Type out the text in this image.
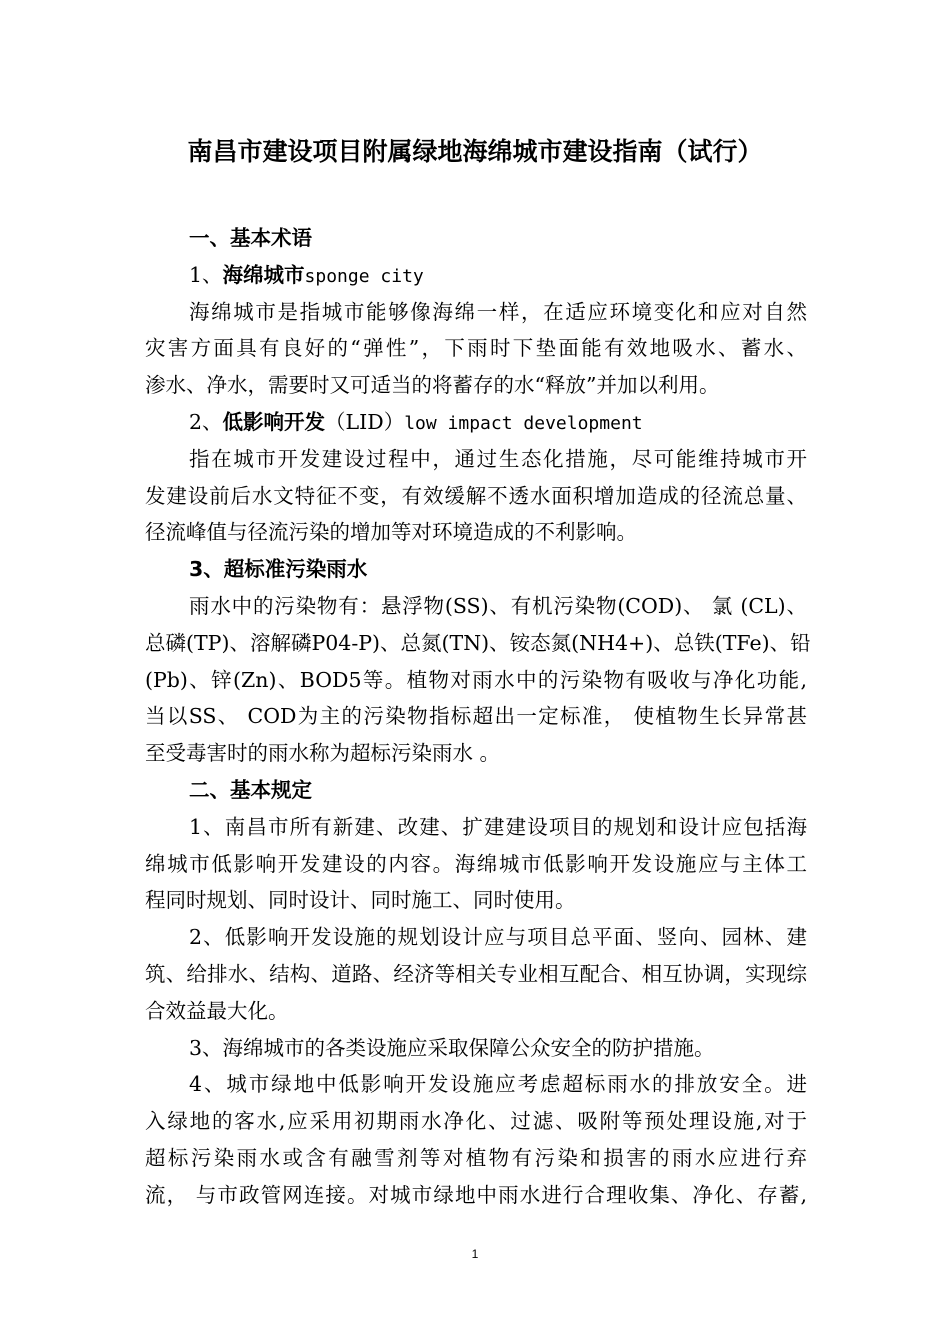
南昌市建设项目附属绿地海绵城市建设指南（试行）
一、基本术语
1、海绵城市sponge city
海绵城市是指城市能够像海绵一样，在适应环境变化和应对自然
灾害方面具有良好的“弹性”，下雨时下垫面能有效地吸水、蓄水、
渗水、净水，需要时又可适当的将蓄存的水“释放”并加以利用。
2、低影响开发（LID）low impact development
指在城市开发建设过程中，通过生态化措施，尽可能维持城市开
发建设前后水文特征不变，有效缓解不透水面积增加造成的径流总量、
径流峰值与径流污染的增加等对环境造成的不利影响。
3、超标准污染雨水
雨水中的污染物有：悬浮物(SS)、有机污染物(COD)、 氯 (CL)、
总磷(TP)、溶解磷P04-P)、总氮(TN)、铵态氮(NH4+)、总铁(TFe)、铅
(Pb)、锌(Zn)、BOD5等。植物对雨水中的污染物有吸收与净化功能,
当以SS、 COD为主的污染物指标超出一定标准， 使植物生长异常甚
至受毒害时的雨水称为超标污染雨水 。
二、基本规定
1、南昌市所有新建、改建、扩建建设项目的规划和设计应包括海
绵城市低影响开发建设的内容。海绵城市低影响开发设施应与主体工
程同时规划、同时设计、同时施工、同时使用。
2、低影响开发设施的规划设计应与项目总平面、竖向、园林、建
筑、给排水、结构、道路、经济等相关专业相互配合、相互协调，实现综
合效益最大化。
3、海绵城市的各类设施应采取保障公众安全的防护措施。
4、城市绿地中低影响开发设施应考虑超标雨水的排放安全。进
入绿地的客水,应采用初期雨水净化、过滤、吸附等预处理设施,对于
超标污染雨水或含有融雪剂等对植物有污染和损害的雨水应进行弃
流， 与市政管网连接。对城市绿地中雨水进行合理收集、净化、存蓄,
1
